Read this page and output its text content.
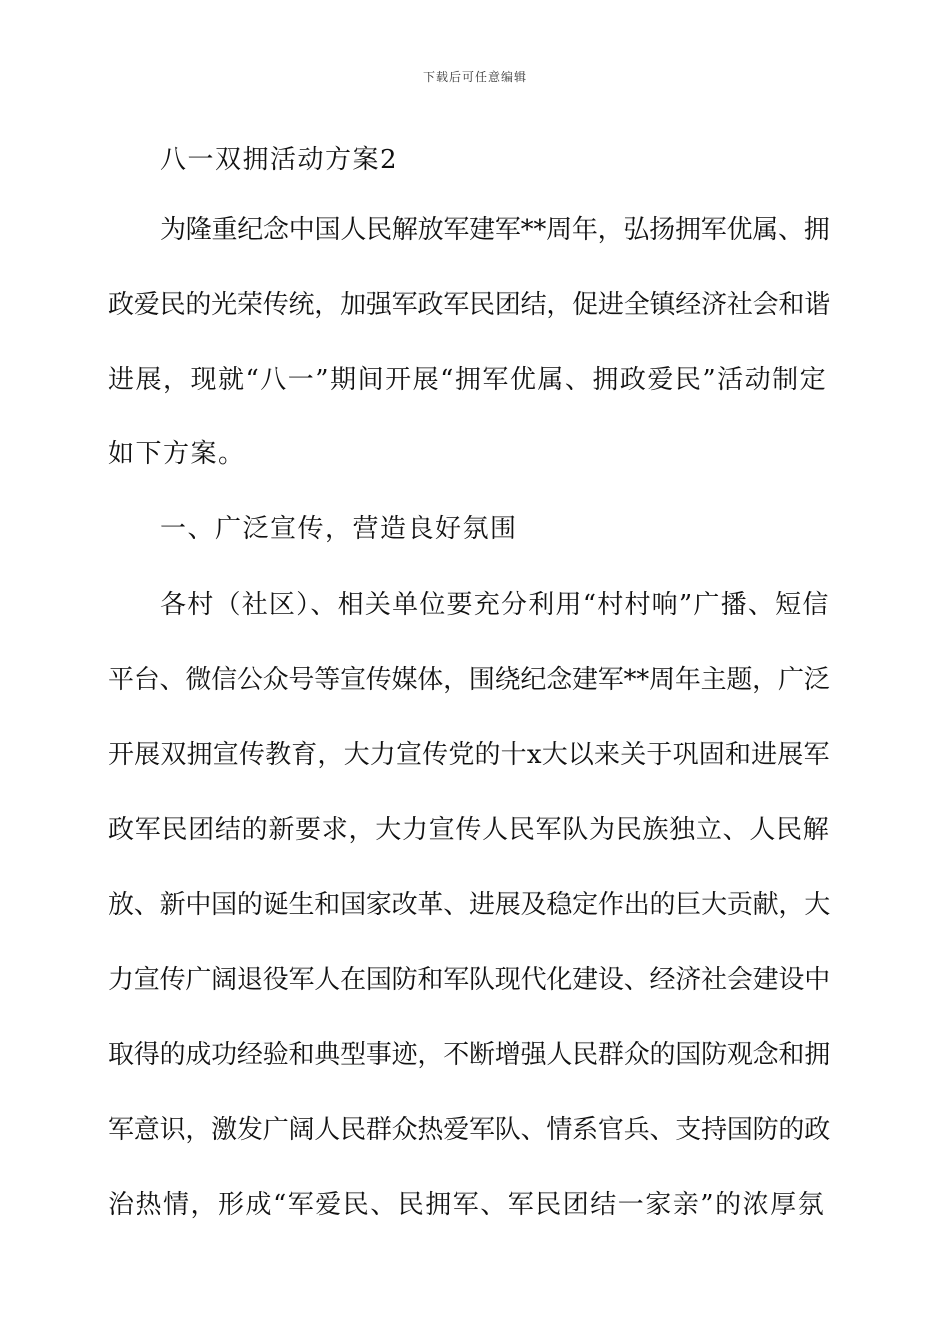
下载后可任意编辑
八一双拥活动方案2
为隆重纪念中国人民解放军建军**周年，弘扬拥军优属、拥
政爱民的光荣传统，加强军政军民团结，促进全镇经济社会和谐
进展，现就“八一”期间开展“拥军优属、拥政爱民”活动制定
如下方案。
一、广泛宣传，营造良好氛围
各村（社区）、相关单位要充分利用“村村响”广播、短信
平台、微信公众号等宣传媒体，围绕纪念建军**周年主题，广泛
开展双拥宣传教育，大力宣传党的十x大以来关于巩固和进展军
政军民团结的新要求，大力宣传人民军队为民族独立、人民解
放、新中国的诞生和国家改革、进展及稳定作出的巨大贡献，大
力宣传广阔退役军人在国防和军队现代化建设、经济社会建设中
取得的成功经验和典型事迹，不断增强人民群众的国防观念和拥
军意识，激发广阔人民群众热爱军队、情系官兵、支持国防的政
治热情，形成“军爱民、民拥军、军民团结一家亲”的浓厚氛
